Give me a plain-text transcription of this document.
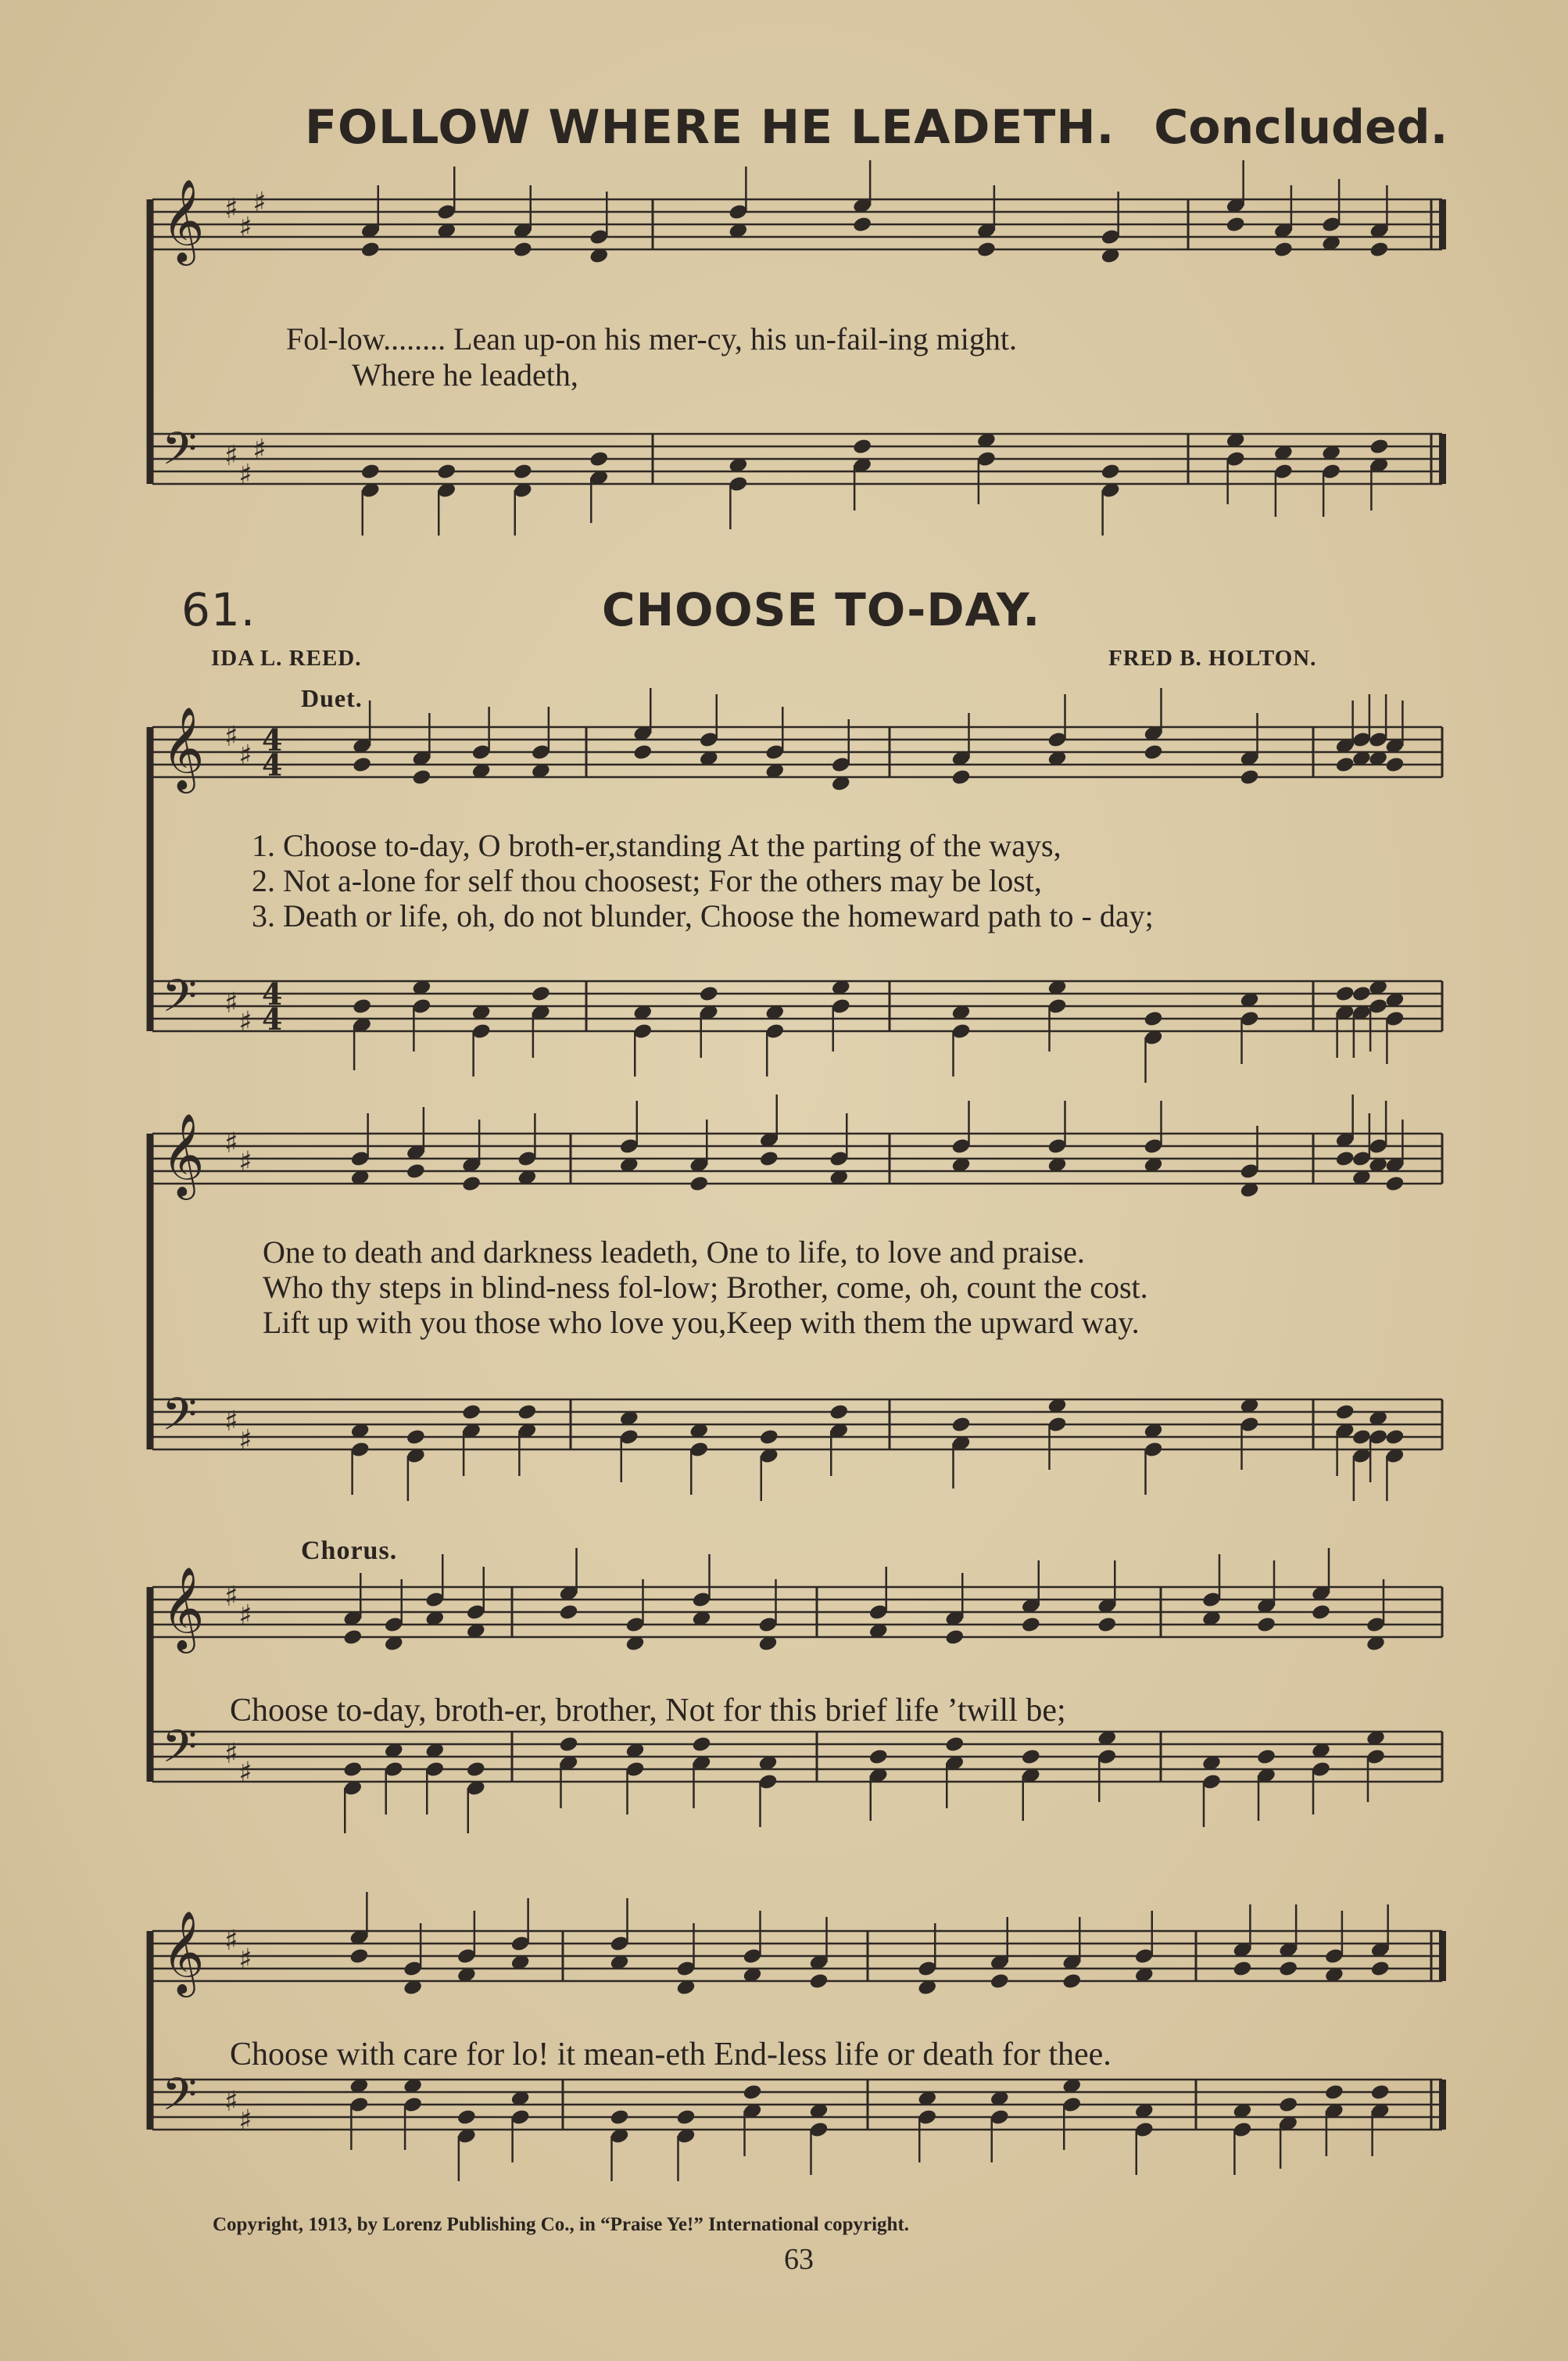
𝄞 ♯
♯
♯
𝄢 ♯
♯
♯
𝄞 ♯
♯ 4
4
𝄢 ♯
♯
4
4
𝄞 ♯
♯
𝄢 ♯
♯
𝄞 ♯
♯
𝄢 ♯
♯
𝄞 ♯
♯
𝄢 ♯
♯
FOLLOW WHERE HE LEADETH. Concluded.
Fol-low........ Lean up-on his mer-cy, his un-fail-ing might.
Where he leadeth,
61.	CHOOSE TO-DAY.
IDA L. REED.	FRED B. HOLTON.
Duet.
1. Choose to-day, O broth-er,standing At the parting of the ways,
2. Not a-lone for self thou choosest; For the others may be lost,
3. Death or life, oh, do not blunder, Choose the homeward path to - day;
One to death and darkness leadeth, One to life, to love and praise.
Who thy steps in blind-ness fol-low; Brother, come, oh, count the cost.
Lift up with you those who love you,Keep with them the upward way.
Chorus.
Choose to-day, broth-er, brother, Not for this brief life ’twill be;
Choose with care for lo! it mean-eth End-less life or death for thee.
Copyright, 1913, by Lorenz Publishing Co., in “Praise Ye!” International copyright.
63
